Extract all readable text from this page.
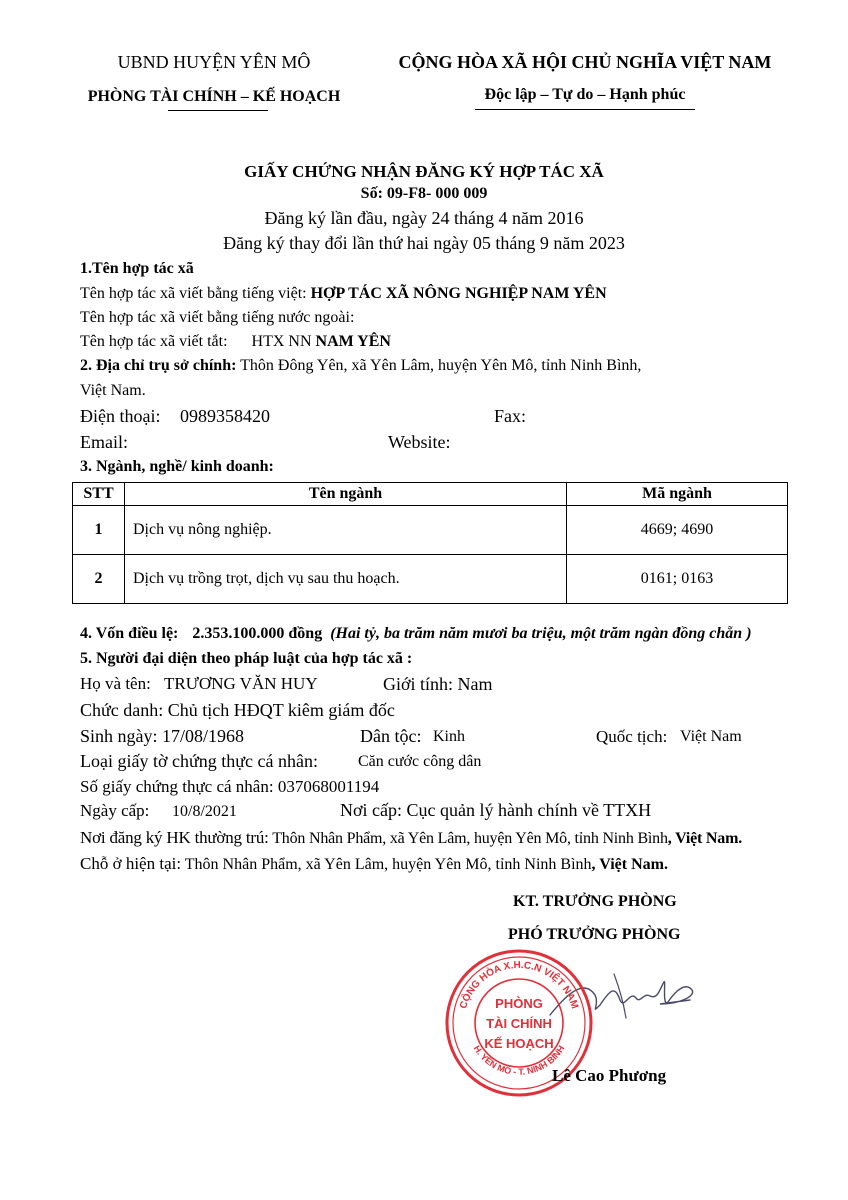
UBND HUYỆN YÊN MÔ
PHÒNG TÀI CHÍNH – KẾ HOẠCH
CỘNG HÒA XÃ HỘI CHỦ NGHĨA VIỆT NAM
Độc lập – Tự do – Hạnh phúc
GIẤY CHỨNG NHẬN ĐĂNG KÝ HỢP TÁC XÃ
Số: 09-F8- 000 009
Đăng ký lần đầu, ngày 24 tháng 4 năm 2016
Đăng ký thay đổi lần thứ hai ngày 05 tháng 9 năm 2023
1.Tên hợp tác xã
Tên hợp tác xã viết bằng tiếng việt: HỢP TÁC XÃ NÔNG NGHIỆP NAM YÊN
Tên hợp tác xã viết bằng tiếng nước ngoài:
Tên hợp tác xã viết tắt: HTX NN NAM YÊN
2. Địa chỉ trụ sở chính: Thôn Đông Yên, xã Yên Lâm, huyện Yên Mô, tỉnh Ninh Bình,
Việt Nam.
Điện thoại: 0989358420	Fax:
Email:	Website:
3. Ngành, nghề/ kinh doanh:
STT	Tên ngành	Mã ngành
1	Dịch vụ nông nghiệp.	4669; 4690
2	Dịch vụ trồng trọt, dịch vụ sau thu hoạch.	0161; 0163
4. Vốn điều lệ: 2.353.100.000 đồng (Hai tỷ, ba trăm năm mươi ba triệu, một trăm ngàn đồng chẵn )
5. Người đại diện theo pháp luật của hợp tác xã :
Họ và tên: TRƯƠNG VĂN HUY	Giới tính: Nam
Chức danh: Chủ tịch HĐQT kiêm giám đốc
Sinh ngày: 17/08/1968	Dân tộc: Kinh	Quốc tịch: Việt Nam
Loại giấy tờ chứng thực cá nhân:	Căn cước công dân
Số giấy chứng thực cá nhân: 037068001194
Ngày cấp: 10/8/2021	Nơi cấp: Cục quản lý hành chính về TTXH
Nơi đăng ký HK thường trú: Thôn Nhân Phẩm, xã Yên Lâm, huyện Yên Mô, tỉnh Ninh Bình, Việt Nam.
Chỗ ở hiện tại: Thôn Nhân Phẩm, xã Yên Lâm, huyện Yên Mô, tỉnh Ninh Bình, Việt Nam.
KT. TRƯỞNG PHÒNG
PHÓ TRƯỞNG PHÒNG
CỘNG HÒA X.H.C.N VIỆT NAM
H. YÊN MÔ - T. NINH BÌNH
PHÒNG
TÀI CHÍNH
KẾ HOẠCH
Lê Cao Phương
